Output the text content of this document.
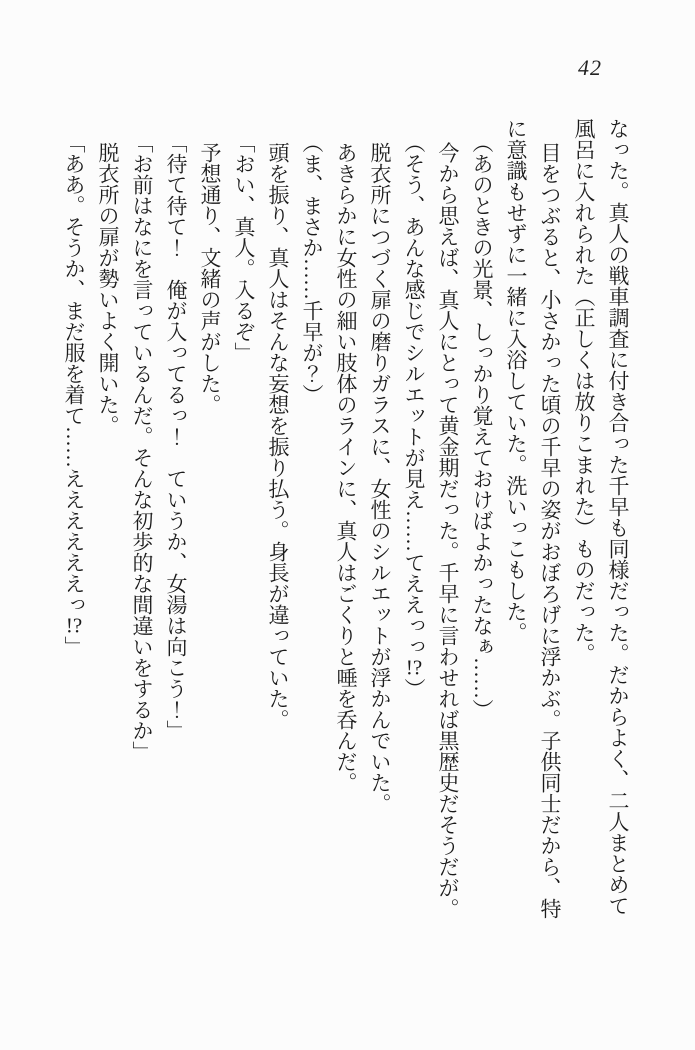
42

なった。真人の戦車調査に付き合った千早も同様だった。だからよく、二人まとめて

風呂に入れられた（正しくは放りこまれた）ものだった。

目をつぶると、小さかった頃の千早の姿がおぼろげに浮かぶ。子供同士だから、特

に意識もせずに一緒に入浴していた。洗いっこもした。

（あのときの光景、しっかり覚えておけばよかったなぁ……）

今から思えば、真人にとって黄金期だった。千早に言わせれば黒歴史だそうだが。

（そう、あんな感じでシルエットが見え……てええっっ!?）

脱衣所につづく扉の磨りガラスに、女性のシルエットが浮かんでいた。

あきらかに女性の細い肢体のラインに、真人はごくりと唾を呑んだ。

（ま、まさか……千早が？）

頭を振り、真人はそんな妄想を振り払う。身長が違っていた。

「おい、真人。入るぞ」

予想通り、文緒の声がした。

「待て待て！　俺が入ってるっ！　ていうか、女湯は向こう！」

「お前はなにを言っているんだ。そんな初歩的な間違いをするか」

脱衣所の扉が勢いよく開いた。

「ああ。そうか、まだ服を着て……ええええええっ!?」
